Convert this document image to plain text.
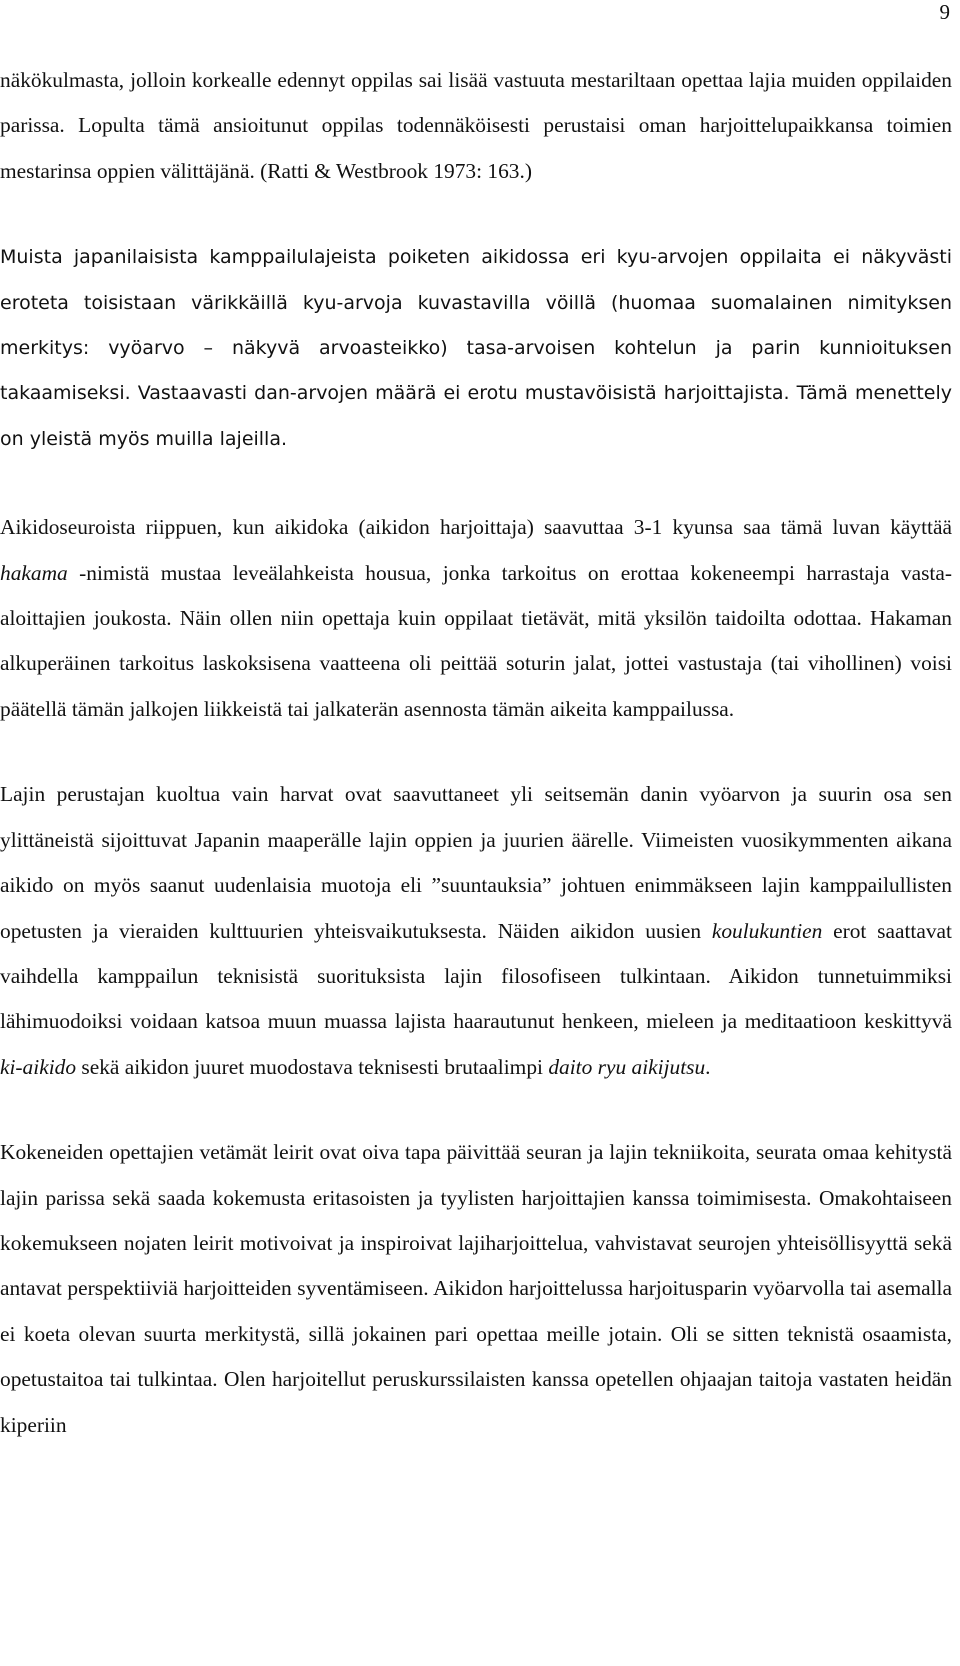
9

näkökulmasta, jolloin korkealle edennyt oppilas sai lisää vastuuta mestariltaan opettaa lajia muiden oppilaiden parissa. Lopulta tämä ansioitunut oppilas todennäköisesti perustaisi oman harjoittelupaikkansa toimien mestarinsa oppien välittäjänä. (Ratti & Westbrook 1973: 163.)

Muista japanilaisista kamppailulajeista poiketen aikidossa eri kyu-arvojen oppilaita ei näkyvästi eroteta toisistaan värikkäillä kyu-arvoja kuvastavilla vöillä (huomaa suomalainen nimityksen merkitys: vyöarvo – näkyvä arvoasteikko) tasa-arvoisen kohtelun ja parin kunnioituksen takaamiseksi. Vastaavasti dan-arvojen määrä ei erotu mustavöisistä harjoittajista. Tämä menettely on yleistä myös muilla lajeilla.

Aikidoseuroista riippuen, kun aikidoka (aikidon harjoittaja) saavuttaa 3-1 kyunsa saa tämä luvan käyttää hakama -nimistä mustaa leveälahkeista housua, jonka tarkoitus on erottaa kokeneempi harrastaja vasta-aloittajien joukosta. Näin ollen niin opettaja kuin oppilaat tietävät, mitä yksilön taidoilta odottaa. Hakaman alkuperäinen tarkoitus laskoksisena vaatteena oli peittää soturin jalat, jottei vastustaja (tai vihollinen) voisi päätellä tämän jalkojen liikkeistä tai jalkaterän asennosta tämän aikeita kamppailussa.

Lajin perustajan kuoltua vain harvat ovat saavuttaneet yli seitsemän danin vyöarvon ja suurin osa sen ylittäneistä sijoittuvat Japanin maaperälle lajin oppien ja juurien äärelle. Viimeisten vuosikymmenten aikana aikido on myös saanut uudenlaisia muotoja eli ”suuntauksia” johtuen enimmäkseen lajin kamppailullisten opetusten ja vieraiden kulttuurien yhteisvaikutuksesta. Näiden aikidon uusien koulukuntien erot saattavat vaihdella kamppailun teknisistä suorituksista lajin filosofiseen tulkintaan. Aikidon tunnetuimmiksi lähimuodoiksi voidaan katsoa muun muassa lajista haarautunut henkeen, mieleen ja meditaatioon keskittyvä ki-aikido sekä aikidon juuret muodostava teknisesti brutaalimpi daito ryu aikijutsu.

Kokeneiden opettajien vetämät leirit ovat oiva tapa päivittää seuran ja lajin tekniikoita, seurata omaa kehitystä lajin parissa sekä saada kokemusta eritasoisten ja tyylisten harjoittajien kanssa toimimisesta. Omakohtaiseen kokemukseen nojaten leirit motivoivat ja inspiroivat lajiharjoittelua, vahvistavat seurojen yhteisöllisyyttä sekä antavat perspektiiviä harjoitteiden syventämiseen. Aikidon harjoittelussa harjoitusparin vyöarvolla tai asemalla ei koeta olevan suurta merkitystä, sillä jokainen pari opettaa meille jotain. Oli se sitten teknistä osaamista, opetustaitoa tai tulkintaa. Olen harjoitellut peruskurssilaisten kanssa opetellen ohjaajan taitoja vastaten heidän kiperiin
